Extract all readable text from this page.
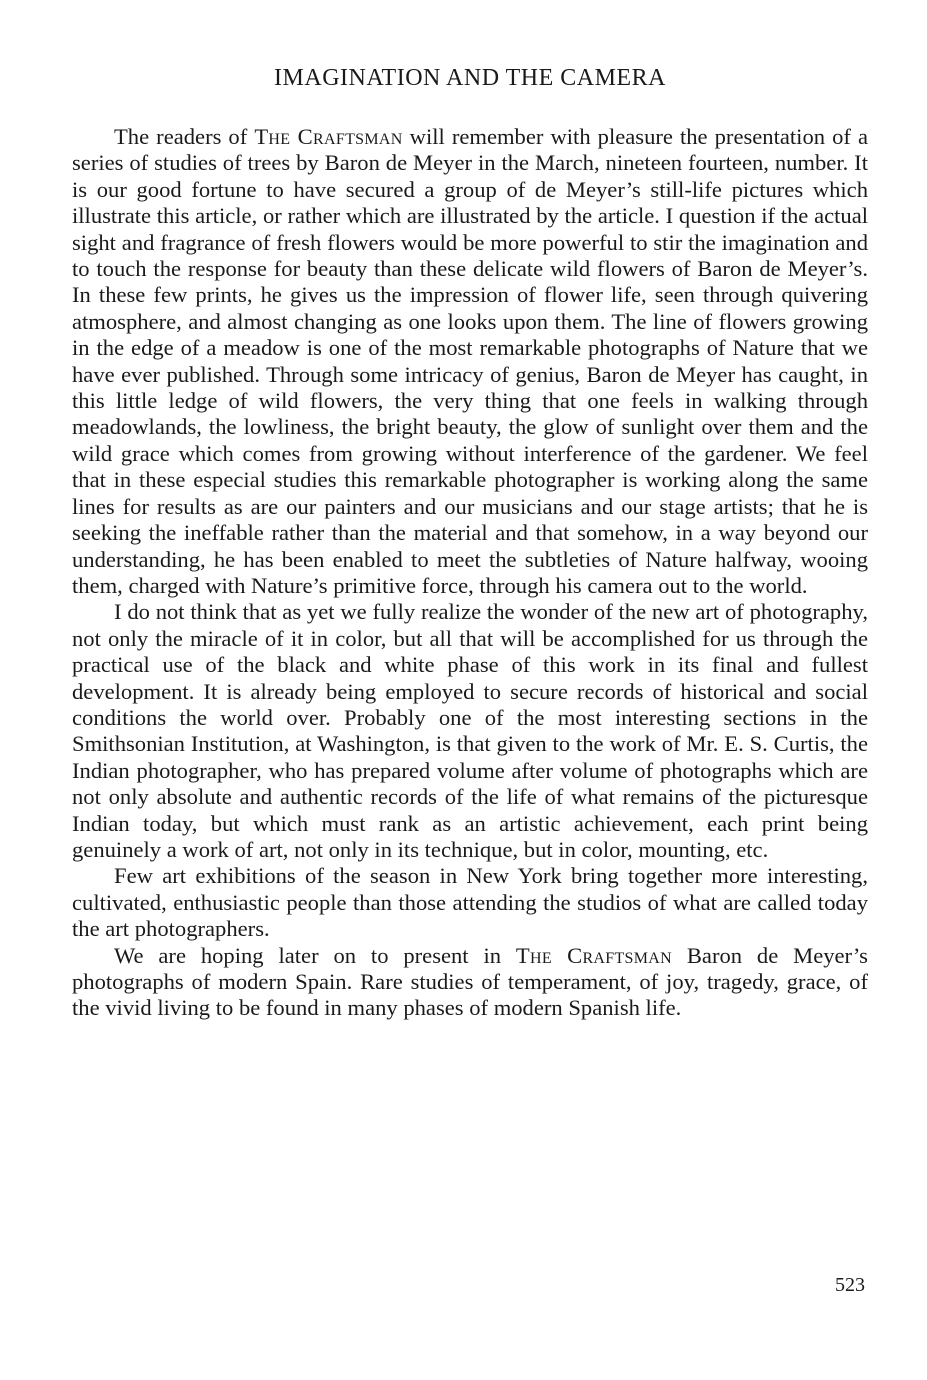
IMAGINATION AND THE CAMERA

The readers of The Craftsman will remember with pleasure the presentation of a series of studies of trees by Baron de Meyer in the March, nineteen fourteen, number. It is our good fortune to have secured a group of de Meyer’s still-life pictures which illustrate this article, or rather which are illustrated by the article. I question if the actual sight and fragrance of fresh flowers would be more powerful to stir the imagination and to touch the response for beauty than these delicate wild flowers of Baron de Meyer’s. In these few prints, he gives us the impression of flower life, seen through quivering atmosphere, and almost changing as one looks upon them. The line of flowers growing in the edge of a meadow is one of the most remarkable photographs of Nature that we have ever published. Through some intricacy of genius, Baron de Meyer has caught, in this little ledge of wild flowers, the very thing that one feels in walking through meadowlands, the lowliness, the bright beauty, the glow of sunlight over them and the wild grace which comes from growing without interference of the gardener. We feel that in these especial studies this remarkable photographer is working along the same lines for results as are our painters and our musicians and our stage artists; that he is seeking the ineffable rather than the material and that somehow, in a way beyond our understanding, he has been enabled to meet the subtleties of Nature halfway, wooing them, charged with Nature’s primitive force, through his camera out to the world.

I do not think that as yet we fully realize the wonder of the new art of photography, not only the miracle of it in color, but all that will be accomplished for us through the practical use of the black and white phase of this work in its final and fullest development. It is already being employed to secure records of historical and social conditions the world over. Probably one of the most interesting sections in the Smithsonian Institution, at Washington, is that given to the work of Mr. E. S. Curtis, the Indian photographer, who has prepared volume after volume of photographs which are not only absolute and authentic records of the life of what remains of the picturesque Indian today, but which must rank as an artistic achievement, each print being genuinely a work of art, not only in its technique, but in color, mounting, etc.

Few art exhibitions of the season in New York bring together more interesting, cultivated, enthusiastic people than those attending the studios of what are called today the art photographers.

We are hoping later on to present in The Craftsman Baron de Meyer’s photographs of modern Spain. Rare studies of temperament, of joy, tragedy, grace, of the vivid living to be found in many phases of modern Spanish life.

523
